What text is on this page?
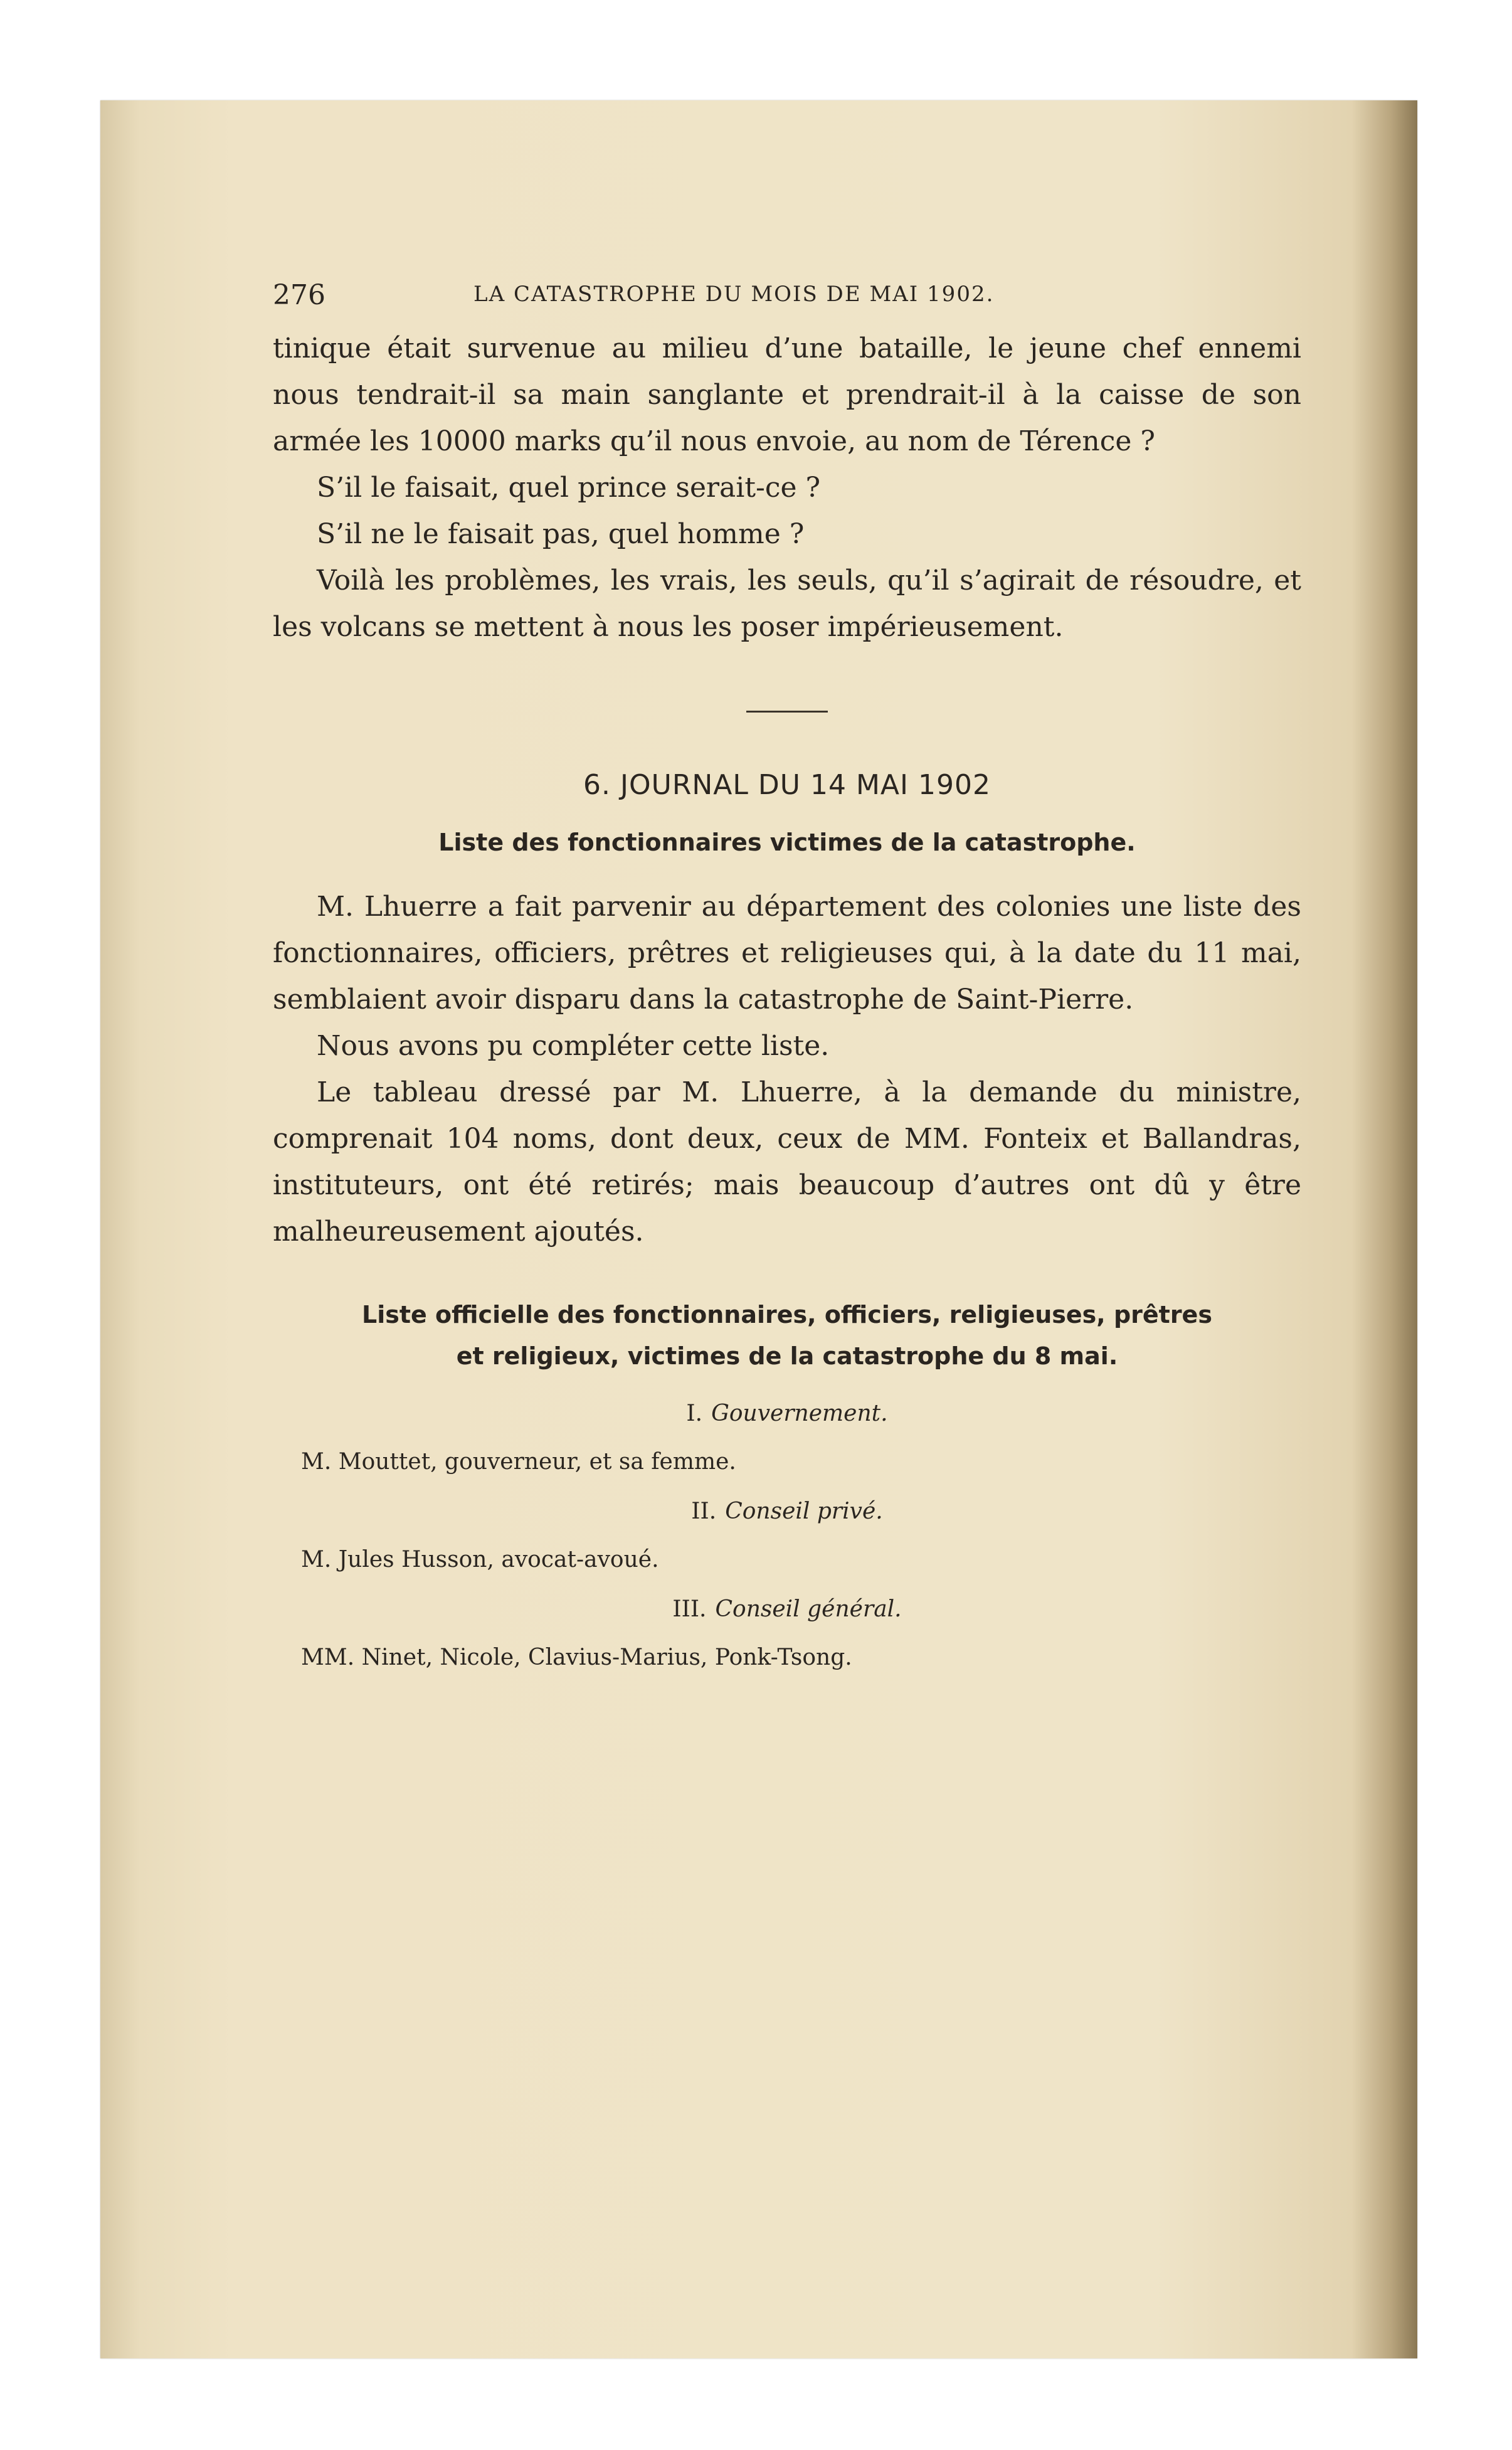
276	LA CATASTROPHE DU MOIS DE MAI 1902.

tinique était survenue au milieu d’une bataille, le jeune chef ennemi nous tendrait-il sa main sanglante et prendrait-il à la caisse de son armée les 10000 marks qu’il nous envoie, au nom de Térence ?

S’il le faisait, quel prince serait-ce ?

S’il ne le faisait pas, quel homme ?

Voilà les problèmes, les vrais, les seuls, qu’il s’agirait de résoudre, et les volcans se mettent à nous les poser impérieusement.

6. JOURNAL DU 14 MAI 1902
Liste des fonctionnaires victimes de la catastrophe.

M. Lhuerre a fait parvenir au département des colonies une liste des fonctionnaires, officiers, prêtres et religieuses qui, à la date du 11 mai, semblaient avoir disparu dans la catastrophe de Saint-Pierre.

Nous avons pu compléter cette liste.

Le tableau dressé par M. Lhuerre, à la demande du ministre, comprenait 104 noms, dont deux, ceux de MM. Fonteix et Ballandras, instituteurs, ont été retirés; mais beaucoup d’autres ont dû y être malheureusement ajoutés.

Liste officielle des fonctionnaires, officiers, religieuses, prêtres
et religieux, victimes de la catastrophe du 8 mai.
I. Gouvernement.
M. Mouttet, gouverneur, et sa femme.
II. Conseil privé.
M. Jules Husson, avocat-avoué.
III. Conseil général.
MM. Ninet, Nicole, Clavius-Marius, Ponk-Tsong.
